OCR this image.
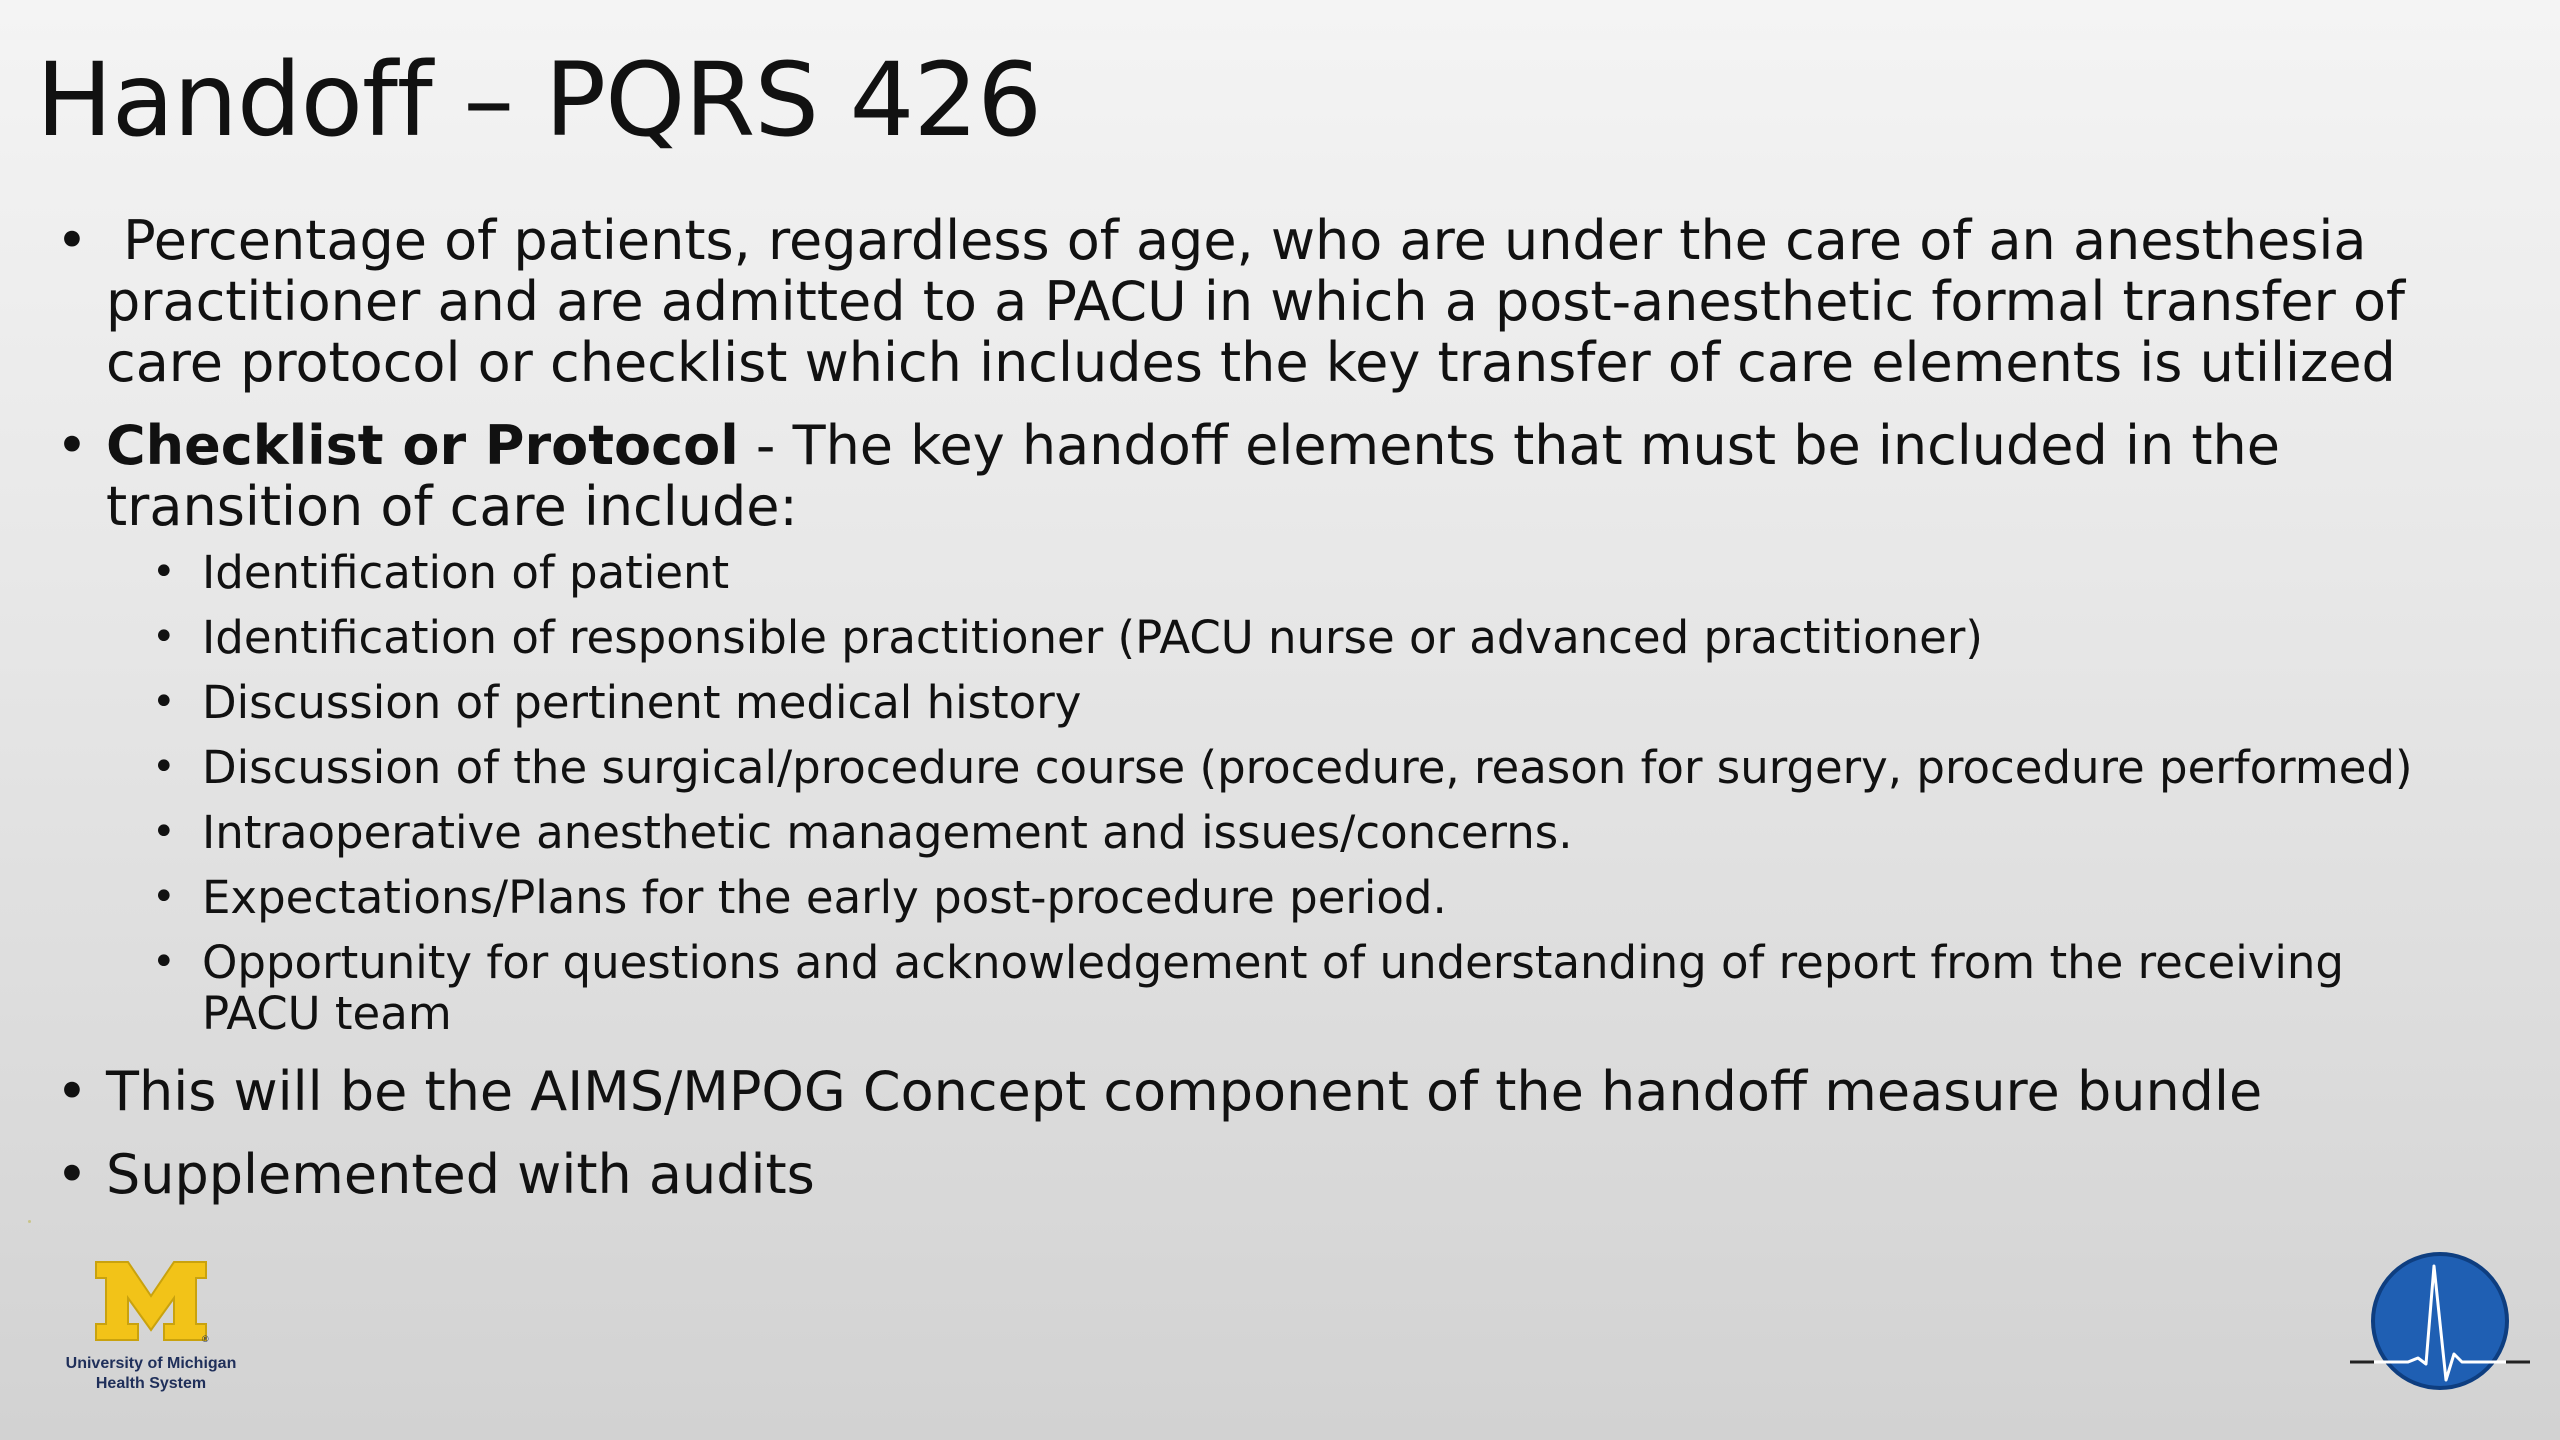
Handoff – PQRS 426
• Percentage of patients, regardless of age, who are under the care of an anesthesia practitioner and are admitted to a PACU in which a post-anesthetic formal transfer of care protocol or checklist which includes the key transfer of care elements is utilized
• Checklist or Protocol - The key handoff elements that must be included in the transition of care include:
• Identification of patient
• Identification of responsible practitioner (PACU nurse or advanced practitioner)
• Discussion of pertinent medical history
• Discussion of the surgical/procedure course (procedure, reason for surgery, procedure performed)
• Intraoperative anesthetic management and issues/concerns.
• Expectations/Plans for the early post-procedure period.
• Opportunity for questions and acknowledgement of understanding of report from the receiving PACU team
• This will be the AIMS/MPOG Concept component of the handoff measure bundle
• Supplemented with audits
®
University of Michigan
Health System
